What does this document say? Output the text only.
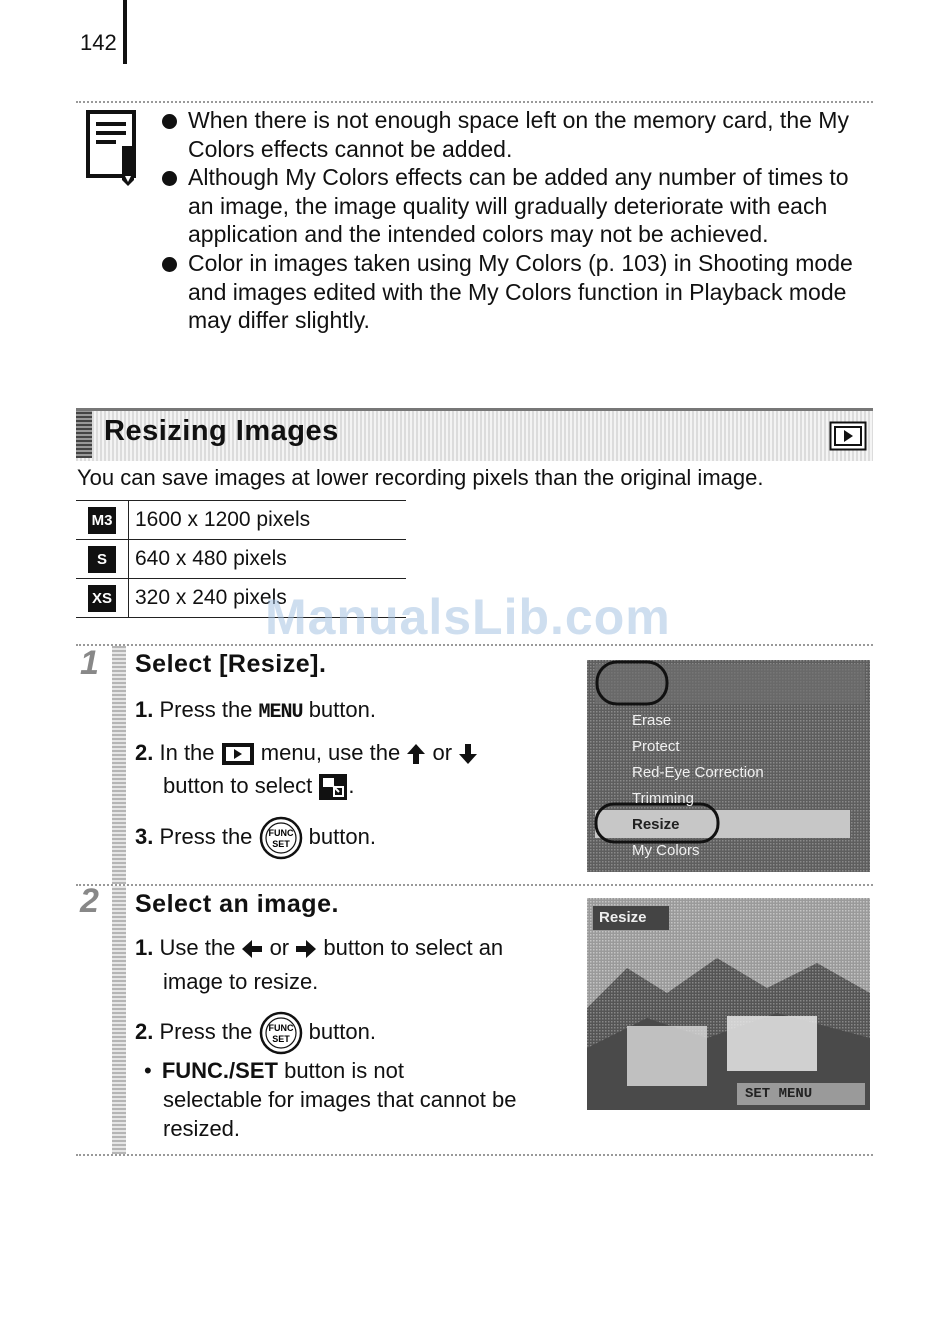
142
When there is not enough space left on the memory card, the My Colors effects cannot be added.
Although My Colors effects can be added any number of times to an image, the image quality will gradually deteriorate with each application and the intended colors may not be achieved.
Color in images taken using My Colors (p. 103) in Shooting mode and images edited with the My Colors function in Playback mode may differ slightly.
Resizing Images
You can save images at lower recording pixels than the original image.
M3	1600 x 1200 pixels
S	640 x 480 pixels
XS	320 x 240 pixels
ManualsLib.com
1 Select [Resize].
1. Press the MENU button.
2. In the menu, use the or
button to select .
3. Press the FUNC
SET button.
Erase
Protect
Red-Eye Correction
Trimming
Resize
My Colors
2 Select an image.
1. Use the or button to select an
image to resize.
2. Press the FUNC
SET button.
• FUNC./SET button is not
selectable for images that cannot be
resized.
Resize
SET MENU
